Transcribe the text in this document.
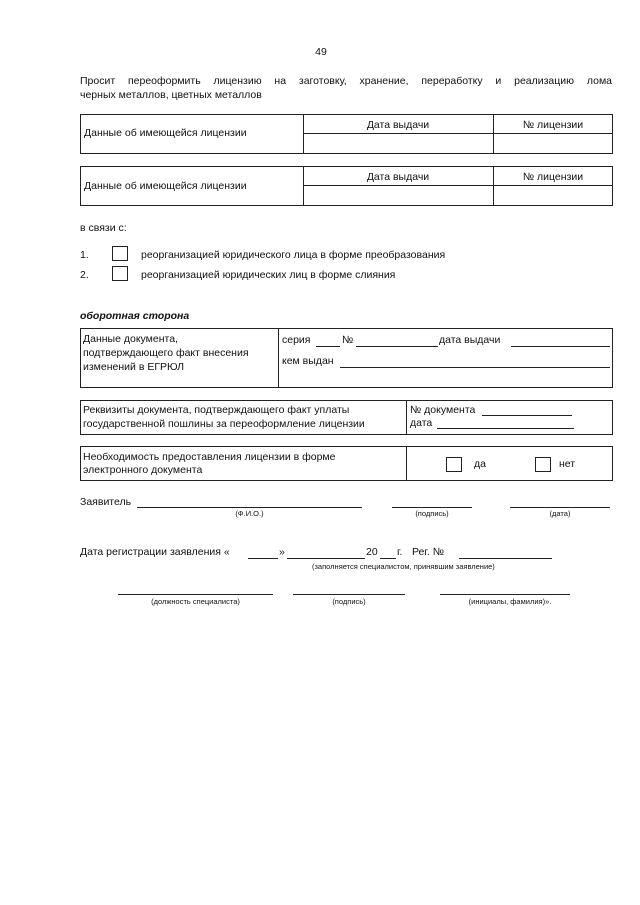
49
Просит переоформить лицензию на заготовку, хранение, переработку и реализацию лома
черных металлов, цветных металлов
Данные об имеющейся лицензии
Дата выдачи	№ лицензии
Данные об имеющейся лицензии
Дата выдачи	№ лицензии
в связи с:
1.	реорганизацией юридического лица в форме преобразования
2.	реорганизацией юридических лиц в форме слияния
оборотная сторона
Данные документа,
подтверждающего факт внесения
изменений в ЕГРЮЛ
серия	№	дата выдачи
кем выдан
Реквизиты документа, подтверждающего факт уплаты
государственной пошлины за переоформление лицензии
№ документа
дата
Необходимость предоставления лицензии в форме
электронного документа	да	нет
Заявитель
(Ф.И.О.)	(подпись)	(дата)
Дата регистрации заявления «	»	20 г. Рег. №
(заполняется специалистом, принявшим заявление)
(должность специалиста)	(подпись)	(инициалы, фамилия)».
